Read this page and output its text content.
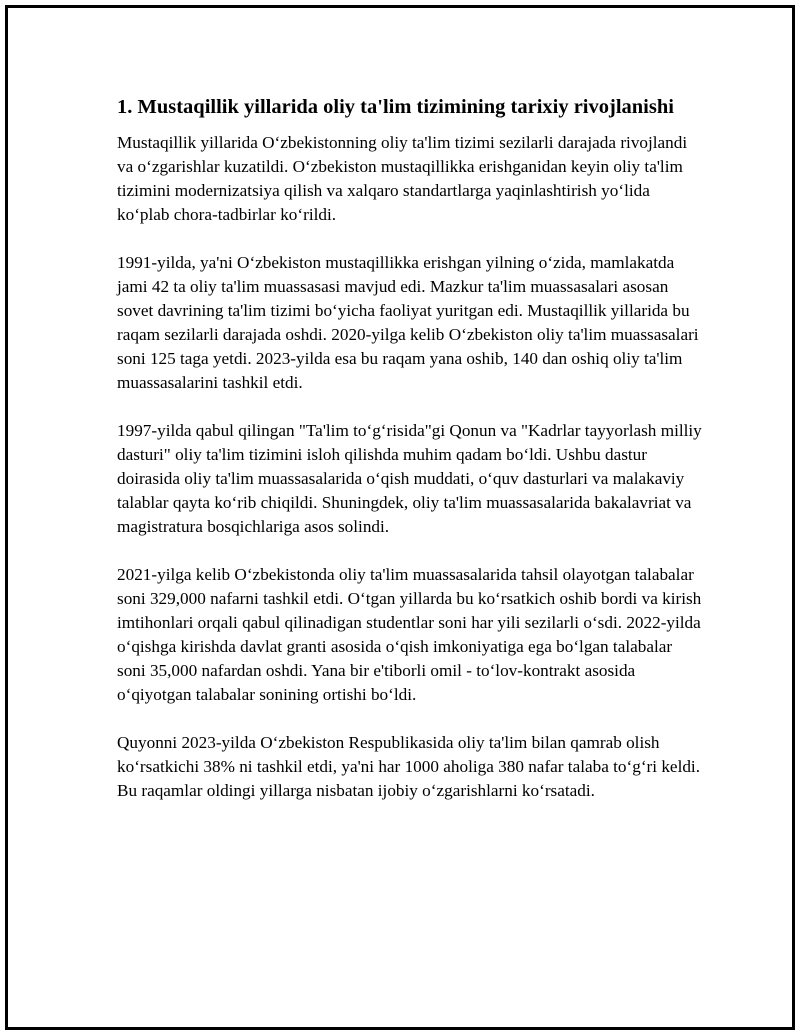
1. Mustaqillik yillarida oliy ta'lim tizimining tarixiy rivojlanishi

Mustaqillik yillarida O‘zbekistonning oliy ta'lim tizimi sezilarli darajada rivojlandi va o‘zgarishlar kuzatildi. O‘zbekiston mustaqillikka erishganidan keyin oliy ta'lim tizimini modernizatsiya qilish va xalqaro standartlarga yaqinlashtirish yo‘lida ko‘plab chora-tadbirlar ko‘rildi.

1991-yilda, ya'ni O‘zbekiston mustaqillikka erishgan yilning o‘zida, mamlakatda jami 42 ta oliy ta'lim muassasasi mavjud edi. Mazkur ta'lim muassasalari asosan sovet davrining ta'lim tizimi bo‘yicha faoliyat yuritgan edi. Mustaqillik yillarida bu raqam sezilarli darajada oshdi. 2020-yilga kelib O‘zbekiston oliy ta'lim muassasalari soni 125 taga yetdi. 2023-yilda esa bu raqam yana oshib, 140 dan oshiq oliy ta'lim muassasalarini tashkil etdi.

1997-yilda qabul qilingan "Ta'lim to‘g‘risida"gi Qonun va "Kadrlar tayyorlash milliy dasturi" oliy ta'lim tizimini isloh qilishda muhim qadam bo‘ldi. Ushbu dastur doirasida oliy ta'lim muassasalarida o‘qish muddati, o‘quv dasturlari va malakaviy talablar qayta ko‘rib chiqildi. Shuningdek, oliy ta'lim muassasalarida bakalavriat va magistratura bosqichlariga asos solindi.

2021-yilga kelib O‘zbekistonda oliy ta'lim muassasalarida tahsil olayotgan talabalar soni 329,000 nafarni tashkil etdi. O‘tgan yillarda bu ko‘rsatkich oshib bordi va kirish imtihonlari orqali qabul qilinadigan studentlar soni har yili sezilarli o‘sdi. 2022-yilda o‘qishga kirishda davlat granti asosida o‘qish imkoniyatiga ega bo‘lgan talabalar soni 35,000 nafardan oshdi. Yana bir e'tiborli omil - to‘lov-kontrakt asosida o‘qiyotgan talabalar sonining ortishi bo‘ldi.

Quyonni 2023-yilda O‘zbekiston Respublikasida oliy ta'lim bilan qamrab olish ko‘rsatkichi 38% ni tashkil etdi, ya'ni har 1000 aholiga 380 nafar talaba to‘g‘ri keldi. Bu raqamlar oldingi yillarga nisbatan ijobiy o‘zgarishlarni ko‘rsatadi.
